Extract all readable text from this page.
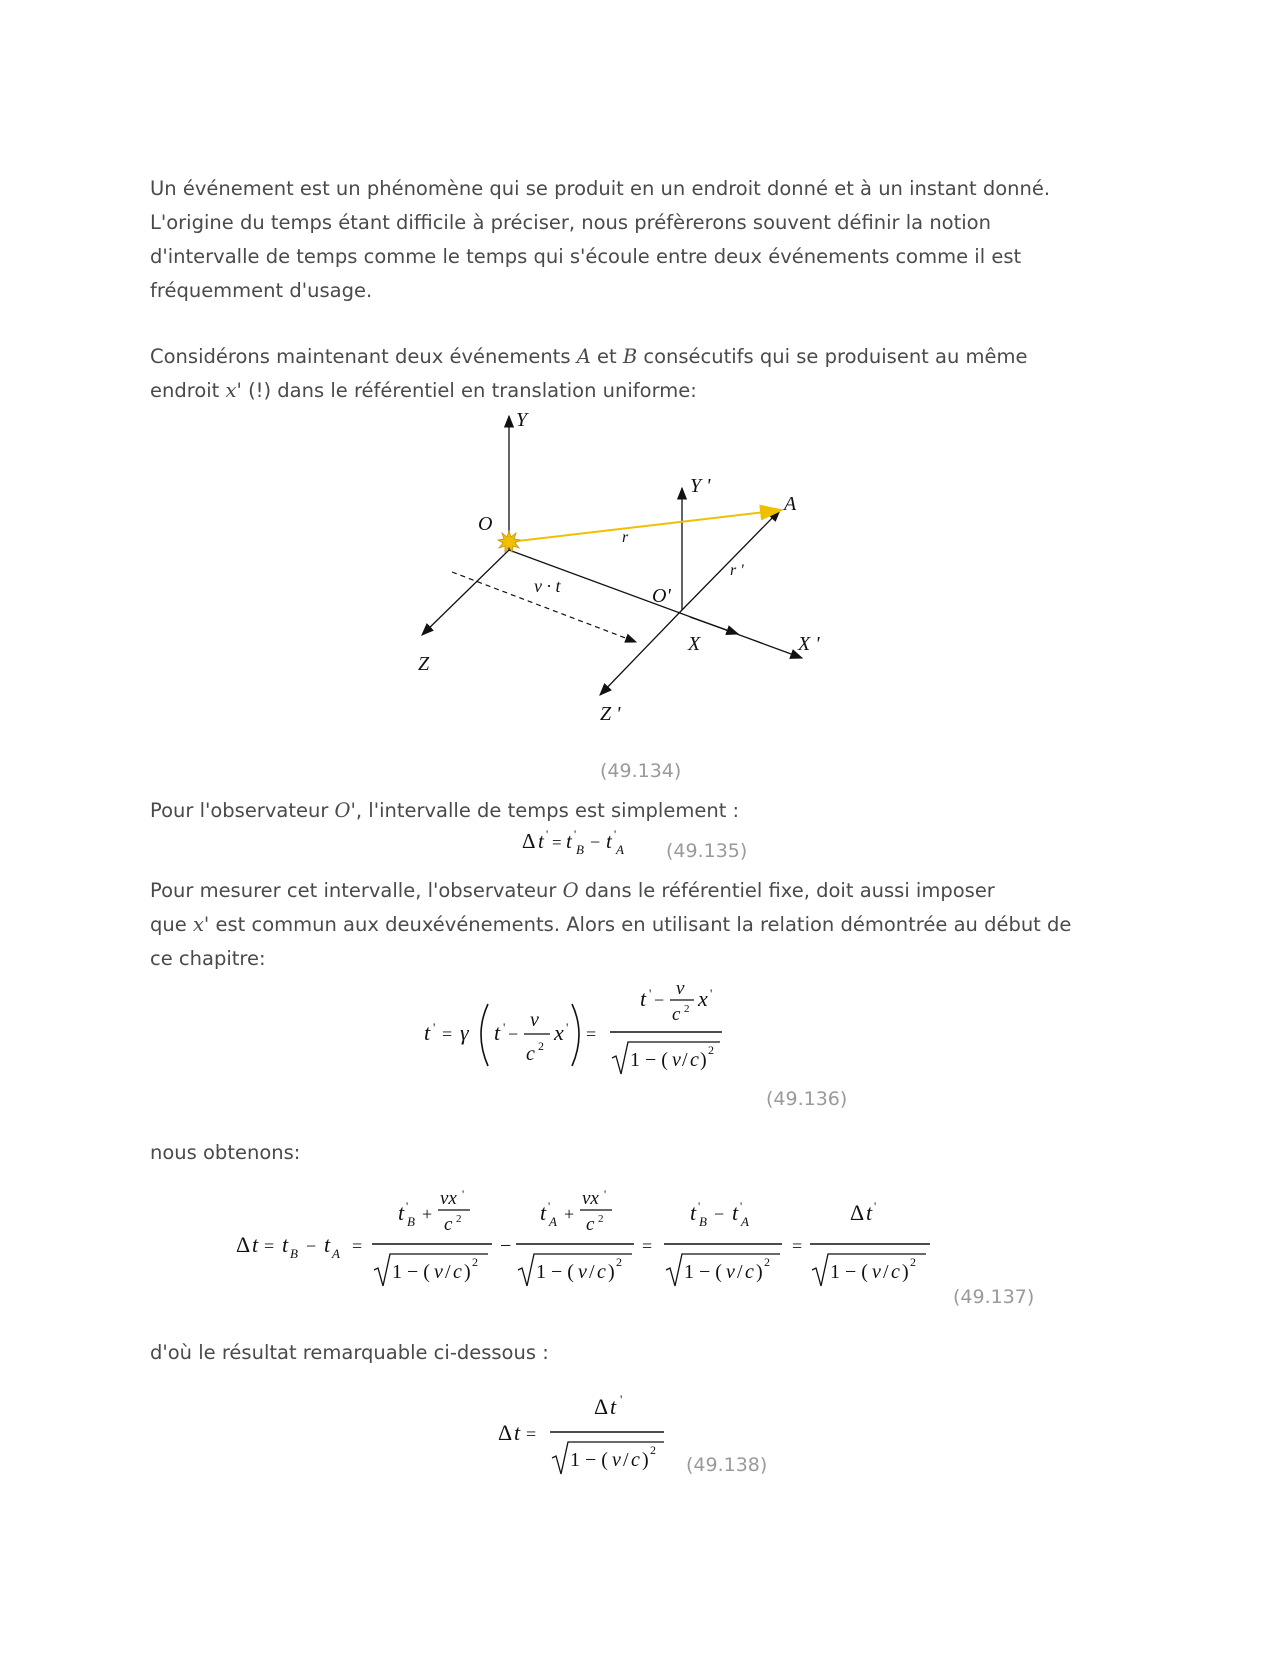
Un événement est un phénomène qui se produit en un endroit donné et à un instant donné.
L'origine du temps étant difficile à préciser, nous préfèrerons souvent définir la notion
d'intervalle de temps comme le temps qui s'écoule entre deux événements comme il est
fréquemment d'usage.
Considérons maintenant deux événements A et B consécutifs qui se produisent au même
endroit x' (!) dans le référentiel en translation uniforme:
Y
O
Z
v · t
r
Y '
A
r '
O'
X	X '
Z '
(49.134)
Pour l'observateur O', l'intervalle de temps est simplement :
Δ t ' = t '
B − t '
A (49.135)
Pour mesurer cet intervalle, l'observateur O dans le référentiel fixe, doit aussi imposer
que x' est commun aux deuxévénements. Alors en utilisant la relation démontrée au début de
ce chapitre:
t ' = γ t ' −
v
c 2
x ' =
t ' −
v
c 2 x '
1 − ( v / c ) 2
(49.136)
nous obtenons:
Δ t = t B − t A =
t '
B +
vx '
c 2
1 − ( v / c ) 2
−
t '
A +
vx '
c 2
1 − ( v / c ) 2
=
t '
B − t '
A
1 − ( v / c ) 2
=
Δ t '
1 − ( v / c ) 2
(49.137)
d'où le résultat remarquable ci-dessous :
Δ t =
Δ t '
1 − ( v / c ) 2
(49.138)
